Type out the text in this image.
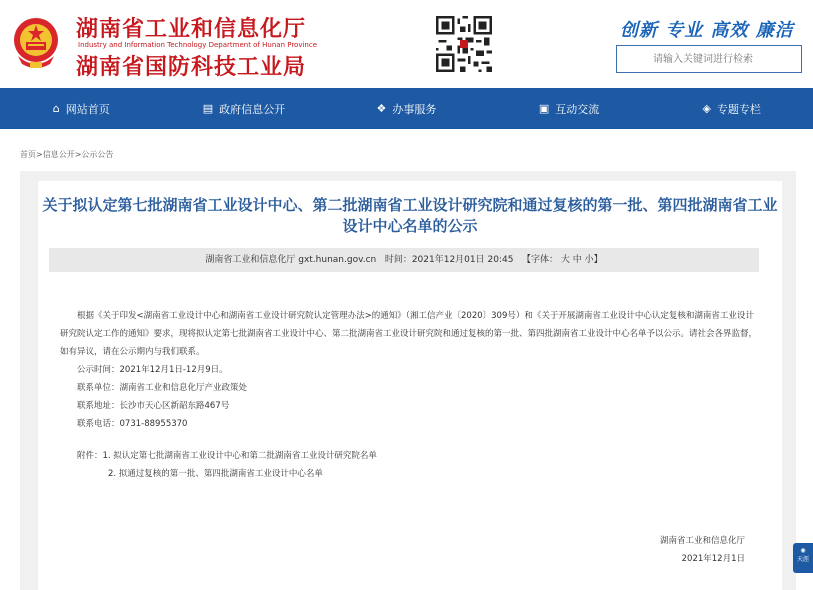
湖南省工业和信息化厅
Industry and Information Technology Department of Hunan Province
湖南省国防科技工业局
创新 专业 高效 廉洁
请输入关键词进行检索
⌂ 网站首页	▤ 政府信息公开	❖ 办事服务	▣ 互动交流	◈ 专题专栏
首页>信息公开>公示公告
关于拟认定第七批湖南省工业设计中心、第二批湖南省工业设计研究院和通过复核的第一批、第四批湖南省工业设计中心名单的公示
湖南省工业和信息化厅 gxt.hunan.gov.cn 时间：2021年12月01日 20:45 【字体： 大 中 小】

根据《关于印发<湖南省工业设计中心和湖南省工业设计研究院认定管理办法>的通知》（湘工信产业〔2020〕309号）和《关于开展湖南省工业设计中心认定复核和湖南省工业设计研究院认定工作的通知》要求，现将拟认定第七批湖南省工业设计中心、第二批湖南省工业设计研究院和通过复核的第一批、第四批湖南省工业设计中心名单予以公示。请社会各界监督，如有异议，请在公示期内与我们联系。

公示时间：2021年12月1日-12月9日。

联系单位：湖南省工业和信息化厅产业政策处

联系地址：长沙市天心区新韶东路467号

联系电话：0731-88955370

附件：1. 拟认定第七批湖南省工业设计中心和第二批湖南省工业设计研究院名单

2. 拟通过复核的第一批、第四批湖南省工业设计中心名单

湖南省工业和信息化厅
2021年12月1日
◉
天涯
